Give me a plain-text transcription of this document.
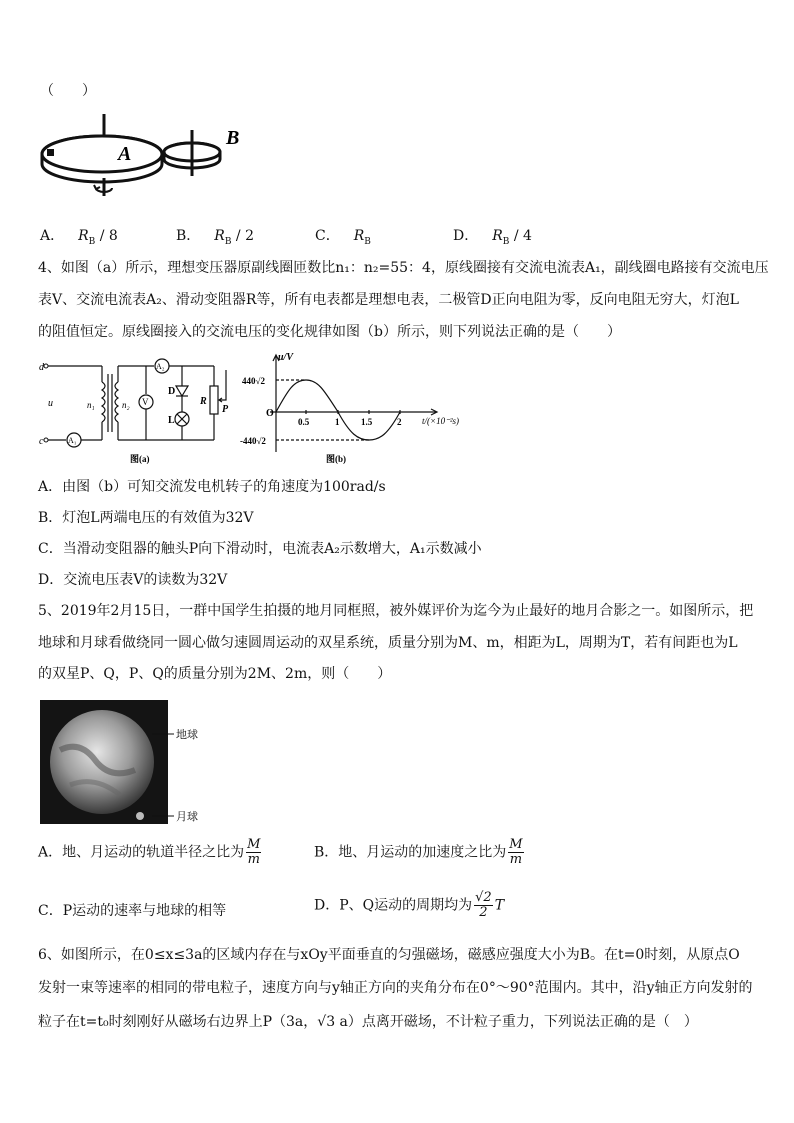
（　　）
A
B
A． $R_B / 8$	B． $R_B / 2$	C． $R_B$	D． $R_B / 4$
4、如图（a）所示，理想变压器原副线圈匝数比n₁：n₂=55：4，原线圈接有交流电流表A₁，副线圈电路接有交流电压
表V、交流电流表A₂、滑动变阻器R等，所有电表都是理想电表，二极管D正向电阻为零，反向电阻无穷大，灯泡L
的阻值恒定。原线圈接入的交流电压的变化规律如图（b）所示，则下列说法正确的是（　　）
d
c
u	n₁	n₂
A₁
A₂
V
D
L
R
P
图(a)
u/V
440√2
-440√2
O
0.5	1 1.5	2 t/(×10⁻²s)
图(b)
A．由图（b）可知交流发电机转子的角速度为100rad/s
B．灯泡L两端电压的有效值为32V
C．当滑动变阻器的触头P向下滑动时，电流表A₂示数增大，A₁示数减小
D．交流电压表V的读数为32V
5、2019年2月15日，一群中国学生拍摄的地月同框照，被外媒评价为迄今为止最好的地月合影之一。如图所示，把
地球和月球看做绕同一圆心做匀速圆周运动的双星系统，质量分别为M、m，相距为L，周期为T，若有间距也为L
的双星P、Q，P、Q的质量分别为2M、2m，则（　　）
地球
月球
A．地、月运动的轨道半径之比为 $\frac{M}{m}$	B．地、月运动的加速度之比为 $\frac{M}{m}$
C．P运动的速率与地球的相等	D．P、Q运动的周期均为 $\frac{√2}{2}$ T
6、如图所示，在0≤x≤3a的区域内存在与xOy平面垂直的匀强磁场，磁感应强度大小为B。在t=0时刻，从原点O
发射一束等速率的相同的带电粒子，速度方向与y轴正方向的夹角分布在0°～90°范围内。其中，沿y轴正方向发射的
粒子在t=t₀时刻刚好从磁场右边界上P（3a，√3 a）点离开磁场，不计粒子重力，下列说法正确的是（　）
